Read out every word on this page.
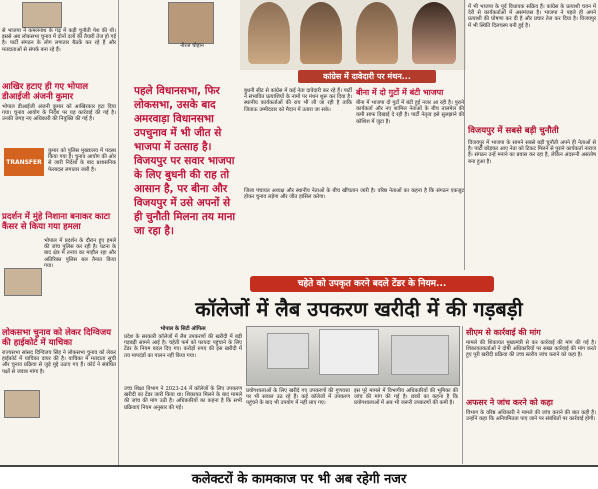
से भाजपा ने कमलनाथ के गढ़ में कड़ी चुनौती पेश की थी। इससे अब लोकसभा चुनाव में दोनों दलों की तैयारी तेज हो गई है। पार्टी संगठन के लोग लगातार बैठकें कर रहे हैं और मतदाताओं से संपर्क बना रहे हैं।
आखिर हटाए ही गए भोपाल डीआईजी अंजनी कुमार
भोपाल डीआईजी अंजनी कुमार को आखिरकार हटा दिया गया। चुनाव आयोग के निर्देश पर यह कार्रवाई की गई है। उनकी जगह नए अधिकारी की नियुक्ति की गई है।
TRANSFER
कुमार को पुलिस मुख्यालय में पदस्थ किया गया है। चुनाव आयोग की ओर से जारी निर्देशों के बाद प्रशासनिक फेरबदल लगातार जारी है।
प्रदर्शन में मुंहे निशाना बनाकर काटा कैंसर से किया गया हमला
भोपाल में प्रदर्शन के दौरान हुए हमले की जांच पुलिस कर रही है। घटना के बाद क्षेत्र में तनाव का माहौल रहा और अतिरिक्त पुलिस बल तैनात किया गया।
लोकसभा चुनाव को लेकर दिग्विजय की हाईकोर्ट में याचिका
राज्यसभा सांसद दिग्विजय सिंह ने लोकसभा चुनाव को लेकर हाईकोर्ट में याचिका दायर की है। याचिका में मतदाता सूची और चुनाव प्रक्रिया से जुड़े मुद्दे उठाए गए हैं। कोर्ट ने संबंधित पक्षों से जवाब मांगा है।
नीरज चौहान
कांग्रेस में दावेदारी पर मंथन...
पहले विधानसभा, फिर लोकसभा, उसके बाद अमरवाड़ा विधानसभा उपचुनाव में भी जीत से भाजपा में उत्साह है। विजयपुर पर सवार भाजपा के लिए बुधनी की राह तो आसान है, पर बीना और विजयपुर में उसे अपनों से ही चुनौती मिलना तय माना जा रहा है।
बुधनी सीट से कांग्रेस में कई नेता दावेदारी कर रहे हैं। पार्टी ने संभावित प्रत्याशियों के नामों पर मंथन शुरू कर दिया है। स्थानीय कार्यकर्ताओं की राय भी ली जा रही है ताकि जिताऊ उम्मीदवार को मैदान में उतारा जा सके।
बीना में दो गुटों में बंटी भाजपा
बीना में भाजपा दो गुटों में बंटी हुई नजर आ रही है। पुराने कार्यकर्ता और नए शामिल नेताओं के बीच तालमेल की कमी साफ दिखाई दे रही है। पार्टी नेतृत्व इसे सुलझाने की कोशिश में जुटा है।
जिला पंचायत अध्यक्ष और स्थानीय नेताओं के बीच खींचतान जारी है। वरिष्ठ नेताओं का कहना है कि संगठन एकजुट होकर चुनाव लड़ेगा और जीत हासिल करेगा।
में भी भाजपा के पूर्व विधायक सक्रिय हैं। कांग्रेस के प्रत्याशी चयन में देरी से कार्यकर्ताओं में असमंजस है। भाजपा ने पहले ही अपने प्रत्याशी की घोषणा कर दी है और प्रचार तेज कर दिया है। विजयपुर में भी स्थिति दिलचस्प बनी हुई है।
विजयपुर में सबसे बड़ी चुनौती
विजयपुर में भाजपा के सामने सबसे बड़ी चुनौती अपने ही नेताओं से है। पार्टी छोड़कर आए नेता को टिकट मिलने से पुराने कार्यकर्ता नाराज हैं। संगठन उन्हें मनाने का प्रयास कर रहा है, लेकिन अंदरूनी असंतोष बना हुआ है।
चहेते को उपकृत करने बदले टेंडर के नियम...
कॉलेजों में लैब उपकरण खरीदी में की गड़बड़ी
भोपाल के सिटी ऑफिस
प्रदेश के सरकारी कॉलेजों में लैब उपकरणों की खरीदी में बड़ी गड़बड़ी सामने आई है। चहेती फर्म को फायदा पहुंचाने के लिए टेंडर के नियम बदल दिए गए। करोड़ों रुपए की इस खरीदी में तय मापदंडों का पालन नहीं किया गया।
उच्च शिक्षा विभाग ने 2023-24 में कॉलेजों के लिए उपकरण खरीदी का टेंडर जारी किया था। शिकायत मिलने के बाद मामले की जांच की मांग उठी है। अधिकारियों का कहना है कि सभी प्रक्रियाएं नियम अनुसार की गईं।
प्रयोगशालाओं के लिए खरीदे गए उपकरणों की गुणवत्ता पर भी सवाल उठ रहे हैं। कई कॉलेजों में उपकरण पहुंचने के बाद भी उपयोग में नहीं लाए गए।
इस पूरे मामले में विभागीय अधिकारियों की भूमिका की जांच की मांग की गई है। छात्रों का कहना है कि प्रयोगशालाओं में अब भी जरूरी उपकरणों की कमी है।
सीएम से कार्रवाई की मांग
मामले की शिकायत मुख्यमंत्री से कर कार्रवाई की मांग की गई है। शिकायतकर्ताओं ने दोषी अधिकारियों पर सख्त कार्रवाई की मांग करते हुए पूरी खरीदी प्रक्रिया की उच्च स्तरीय जांच कराने को कहा है।
अफसर ने जांच करने को कहा
विभाग के वरिष्ठ अधिकारी ने मामले की जांच कराने की बात कही है। उन्होंने कहा कि अनियमितता पाए जाने पर संबंधितों पर कार्रवाई होगी।
कलेक्टरों के कामकाज पर भी अब रहेगी नजर
